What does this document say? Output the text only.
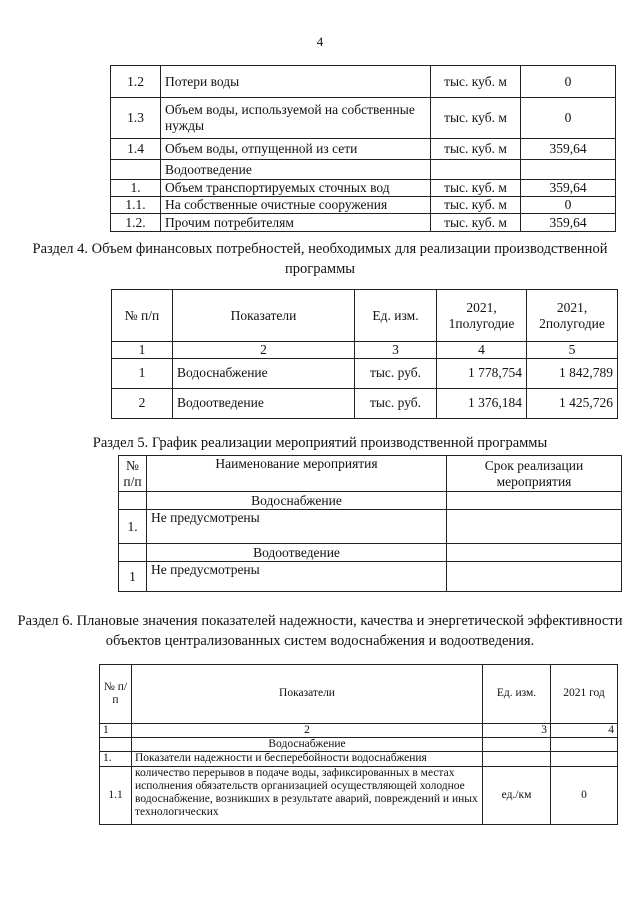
4
1.2	Потери воды	тыс. куб. м	0
1.3	Объем воды, используемой на собственные нужды	тыс. куб. м	0
1.4	Объем воды, отпущенной из сети	тыс. куб. м	359,64
	Водоотведение		
1.	Объем транспортируемых сточных вод	тыс. куб. м	359,64
1.1.	На собственные очистные сооружения	тыс. куб. м	0
1.2.	Прочим потребителям	тыс. куб. м	359,64
Раздел 4. Объем финансовых потребностей, необходимых для реализации производственной программы
№ п/п	Показатели	Ед. изм.	2021, 1полугодие	2021, 2полугодие
1	2	3	4	5
1	Водоснабжение	тыс. руб.	1 778,754	1 842,789
2	Водоотведение	тыс. руб.	1 376,184	1 425,726
Раздел 5. График реализации мероприятий производственной программы
№ п/п	Наименование мероприятия	Срок реализации мероприятия
	Водоснабжение	
1.	Не предусмотрены	
	Водоотведение	
1	Не предусмотрены	
Раздел 6. Плановые значения показателей надежности, качества и энергетической эффективности объектов централизованных систем водоснабжения и водоотведения.
№ п/п	Показатели	Ед. изм.	2021 год
1	2	3	4
	Водоснабжение		
1.	Показатели надежности и бесперебойности водоснабжения		
1.1	количество перерывов в подаче воды, зафиксированных в местах исполнения обязательств организацией осуществляющей холодное водоснабжение, возникших в результате аварий, повреждений и иных технологических	ед./км	0
